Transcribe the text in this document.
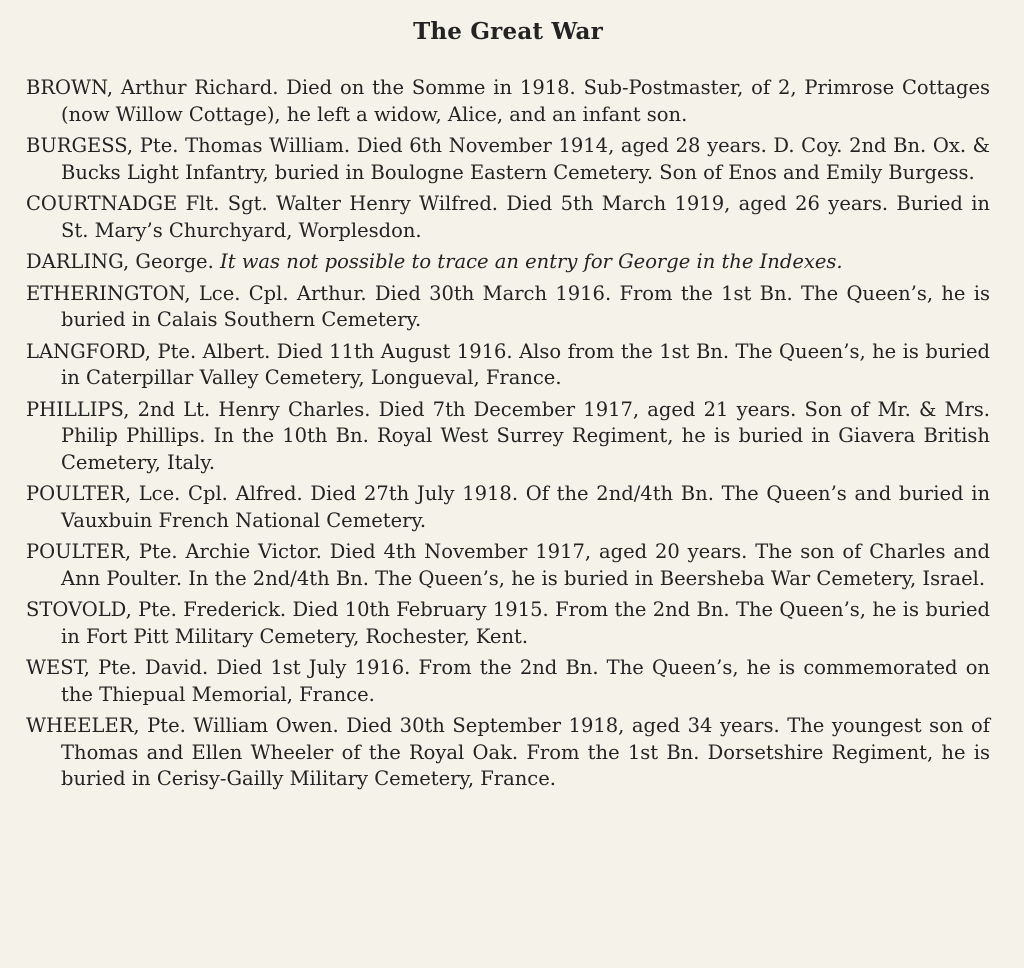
The Great War
BROWN, Arthur Richard. Died on the Somme in 1918. Sub-Postmaster, of 2, Primrose Cottages (now Willow Cottage), he left a widow, Alice, and an infant son.
BURGESS, Pte. Thomas William. Died 6th November 1914, aged 28 years. D. Coy. 2nd Bn. Ox. & Bucks Light Infantry, buried in Boulogne Eastern Cemetery. Son of Enos and Emily Burgess.
COURTNADGE Flt. Sgt. Walter Henry Wilfred. Died 5th March 1919, aged 26 years. Buried in St. Mary’s Churchyard, Worplesdon.
DARLING, George. It was not possible to trace an entry for George in the Indexes.
ETHERINGTON, Lce. Cpl. Arthur. Died 30th March 1916. From the 1st Bn. The Queen’s, he is buried in Calais Southern Cemetery.
LANGFORD, Pte. Albert. Died 11th August 1916. Also from the 1st Bn. The Queen’s, he is buried in Caterpillar Valley Cemetery, Longueval, France.
PHILLIPS, 2nd Lt. Henry Charles. Died 7th December 1917, aged 21 years. Son of Mr. & Mrs. Philip Phillips. In the 10th Bn. Royal West Surrey Regiment, he is buried in Giavera British Cemetery, Italy.
POULTER, Lce. Cpl. Alfred. Died 27th July 1918. Of the 2nd/4th Bn. The Queen’s and buried in Vauxbuin French National Cemetery.
POULTER, Pte. Archie Victor. Died 4th November 1917, aged 20 years. The son of Charles and Ann Poulter. In the 2nd/4th Bn. The Queen’s, he is buried in Beersheba War Cemetery, Israel.
STOVOLD, Pte. Frederick. Died 10th February 1915. From the 2nd Bn. The Queen’s, he is buried in Fort Pitt Military Cemetery, Rochester, Kent.
WEST, Pte. David. Died 1st July 1916. From the 2nd Bn. The Queen’s, he is commemorated on the Thiepual Memorial, France.
WHEELER, Pte. William Owen. Died 30th September 1918, aged 34 years. The youngest son of Thomas and Ellen Wheeler of the Royal Oak. From the 1st Bn. Dorsetshire Regiment, he is buried in Cerisy-Gailly Military Cemetery, France.
